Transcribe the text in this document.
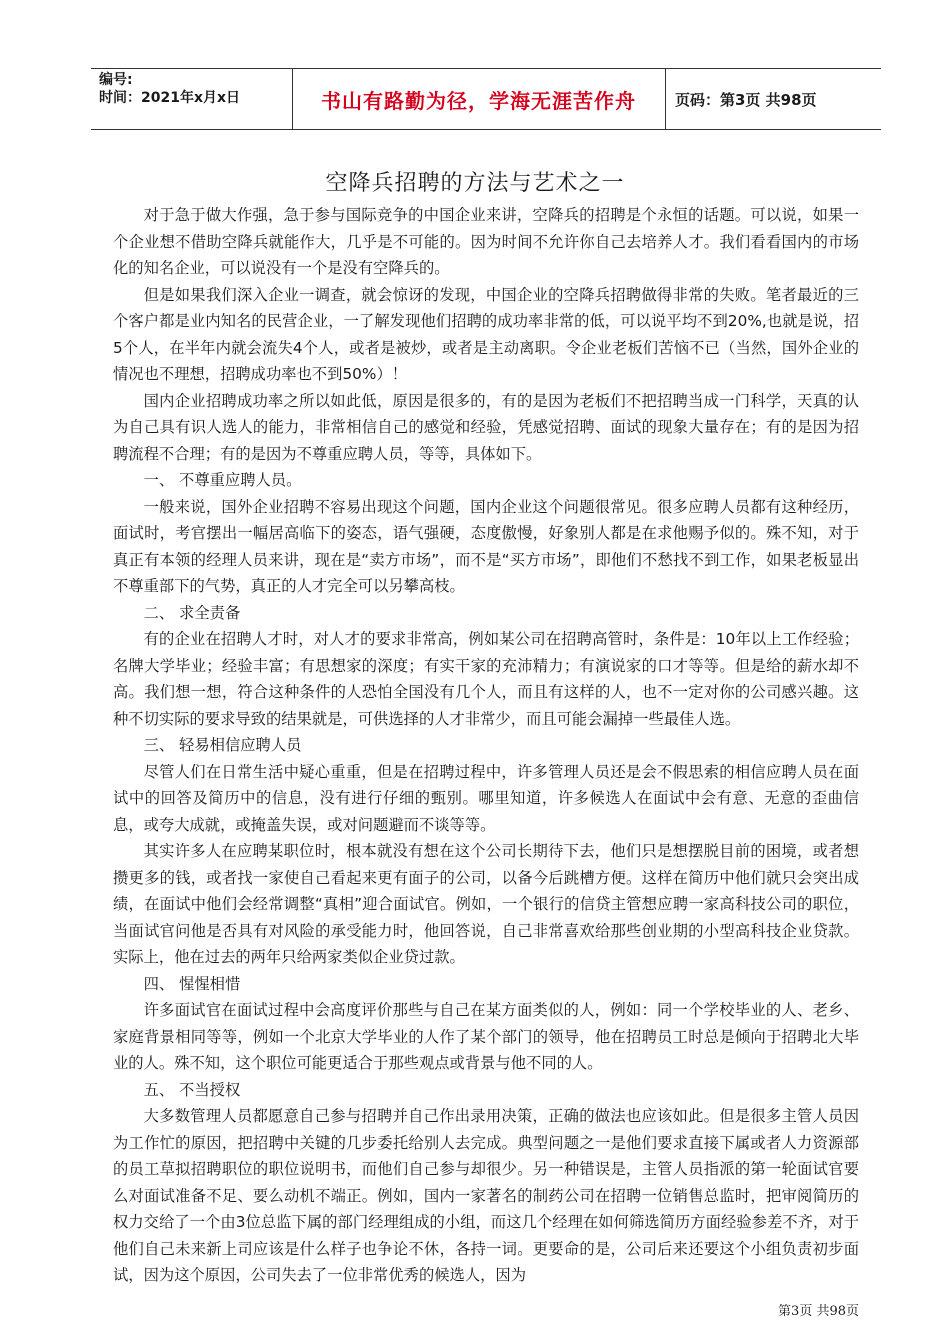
编号:
时间：2021年x月x日	书山有路勤为径，学海无涯苦作舟	页码：第3页 共98页
空降兵招聘的方法与艺术之一

对于急于做大作强，急于参与国际竞争的中国企业来讲，空降兵的招聘是个永恒的话题。可以说，如果一个企业想不借助空降兵就能作大，几乎是不可能的。因为时间不允许你自己去培养人才。我们看看国内的市场化的知名企业，可以说没有一个是没有空降兵的。

但是如果我们深入企业一调查，就会惊讶的发现，中国企业的空降兵招聘做得非常的失败。笔者最近的三个客户都是业内知名的民营企业，一了解发现他们招聘的成功率非常的低，可以说平均不到20%,也就是说，招5个人，在半年内就会流失4个人，或者是被炒，或者是主动离职。令企业老板们苦恼不已（当然，国外企业的情况也不理想，招聘成功率也不到50%）！

国内企业招聘成功率之所以如此低，原因是很多的，有的是因为老板们不把招聘当成一门科学，天真的认为自己具有识人选人的能力，非常相信自己的感觉和经验，凭感觉招聘、面试的现象大量存在；有的是因为招聘流程不合理；有的是因为不尊重应聘人员，等等，具体如下。

一、 不尊重应聘人员。

一般来说，国外企业招聘不容易出现这个问题，国内企业这个问题很常见。很多应聘人员都有这种经历，面试时，考官摆出一幅居高临下的姿态，语气强硬，态度傲慢，好象别人都是在求他赐予似的。殊不知，对于真正有本领的经理人员来讲，现在是“卖方市场”，而不是“买方市场”，即他们不愁找不到工作，如果老板显出不尊重部下的气势，真正的人才完全可以另攀高枝。

二、 求全责备

有的企业在招聘人才时，对人才的要求非常高，例如某公司在招聘高管时，条件是：10年以上工作经验；名牌大学毕业；经验丰富；有思想家的深度；有实干家的充沛精力；有演说家的口才等等。但是给的薪水却不高。我们想一想，符合这种条件的人恐怕全国没有几个人，而且有这样的人，也不一定对你的公司感兴趣。这种不切实际的要求导致的结果就是，可供选择的人才非常少，而且可能会漏掉一些最佳人选。

三、 轻易相信应聘人员

尽管人们在日常生活中疑心重重，但是在招聘过程中，许多管理人员还是会不假思索的相信应聘人员在面试中的回答及简历中的信息，没有进行仔细的甄别。哪里知道，许多候选人在面试中会有意、无意的歪曲信息，或夸大成就，或掩盖失误，或对问题避而不谈等等。

其实许多人在应聘某职位时，根本就没有想在这个公司长期待下去，他们只是想摆脱目前的困境，或者想攒更多的钱，或者找一家使自己看起来更有面子的公司，以备今后跳槽方便。这样在简历中他们就只会突出成绩，在面试中他们会经常调整“真相”迎合面试官。例如，一个银行的信贷主管想应聘一家高科技公司的职位，当面试官问他是否具有对风险的承受能力时，他回答说，自己非常喜欢给那些创业期的小型高科技企业贷款。实际上，他在过去的两年只给两家类似企业贷过款。

四、 惺惺相惜

许多面试官在面试过程中会高度评价那些与自己在某方面类似的人，例如：同一个学校毕业的人、老乡、家庭背景相同等等，例如一个北京大学毕业的人作了某个部门的领导，他在招聘员工时总是倾向于招聘北大毕业的人。殊不知，这个职位可能更适合于那些观点或背景与他不同的人。

五、 不当授权

大多数管理人员都愿意自己参与招聘并自己作出录用决策，正确的做法也应该如此。但是很多主管人员因为工作忙的原因，把招聘中关键的几步委托给别人去完成。典型问题之一是他们要求直接下属或者人力资源部的员工草拟招聘职位的职位说明书，而他们自己参与却很少。另一种错误是，主管人员指派的第一轮面试官要么对面试准备不足、要么动机不端正。例如，国内一家著名的制药公司在招聘一位销售总监时，把审阅简历的权力交给了一个由3位总监下属的部门经理组成的小组，而这几个经理在如何筛选简历方面经验参差不齐，对于他们自己未来新上司应该是什么样子也争论不休，各持一词。更要命的是，公司后来还要这个小组负责初步面试，因为这个原因，公司失去了一位非常优秀的候选人，因为

第3页 共98页
